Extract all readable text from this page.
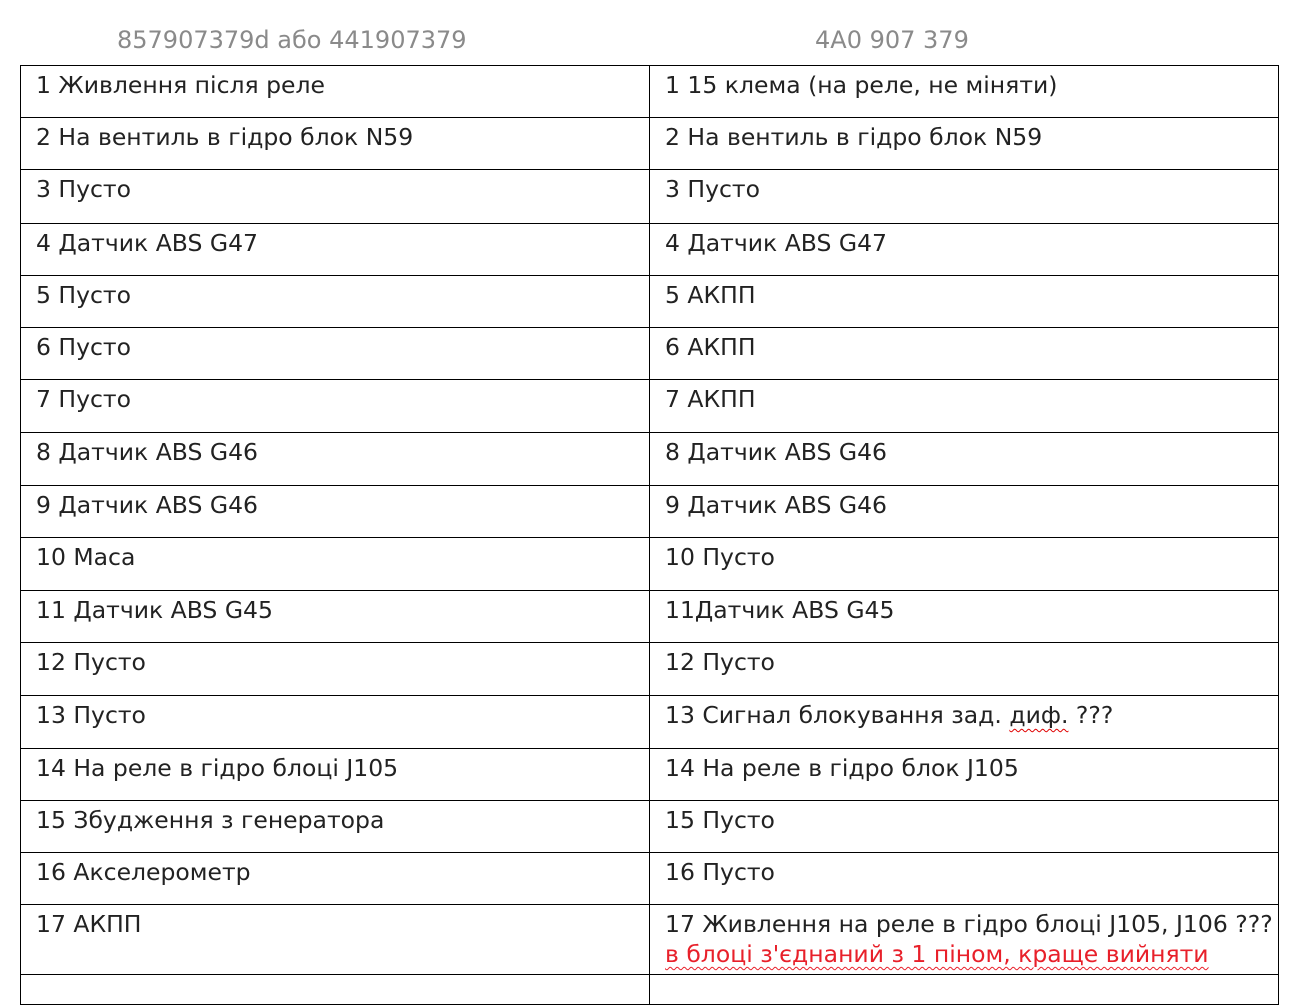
857907379d або 441907379	4A0 907 379
1 Живлення після реле	1 15 клема (на реле, не міняти)
2 На вентиль в гідро блок N59	2 На вентиль в гідро блок N59
3 Пусто	3 Пусто
4 Датчик ABS G47	4 Датчик ABS G47
5 Пусто	5 АКПП
6 Пусто	6 АКПП
7 Пусто	7 АКПП
8 Датчик ABS G46	8 Датчик ABS G46
9 Датчик ABS G46	9 Датчик ABS G46
10 Маса	10 Пусто
11 Датчик ABS G45	11Датчик ABS G45
12 Пусто	12 Пусто
13 Пусто	13 Сигнал блокування зад. диф. ???
14 На реле в гідро блоці J105	14 На реле в гідро блок J105
15 Збудження з генератора	15 Пусто
16 Акселерометр	16 Пусто
17 АКПП	17 Живлення на реле в гідро блоці J105, J106 ???
в блоці з'єднаний з 1 піном, краще вийняти
